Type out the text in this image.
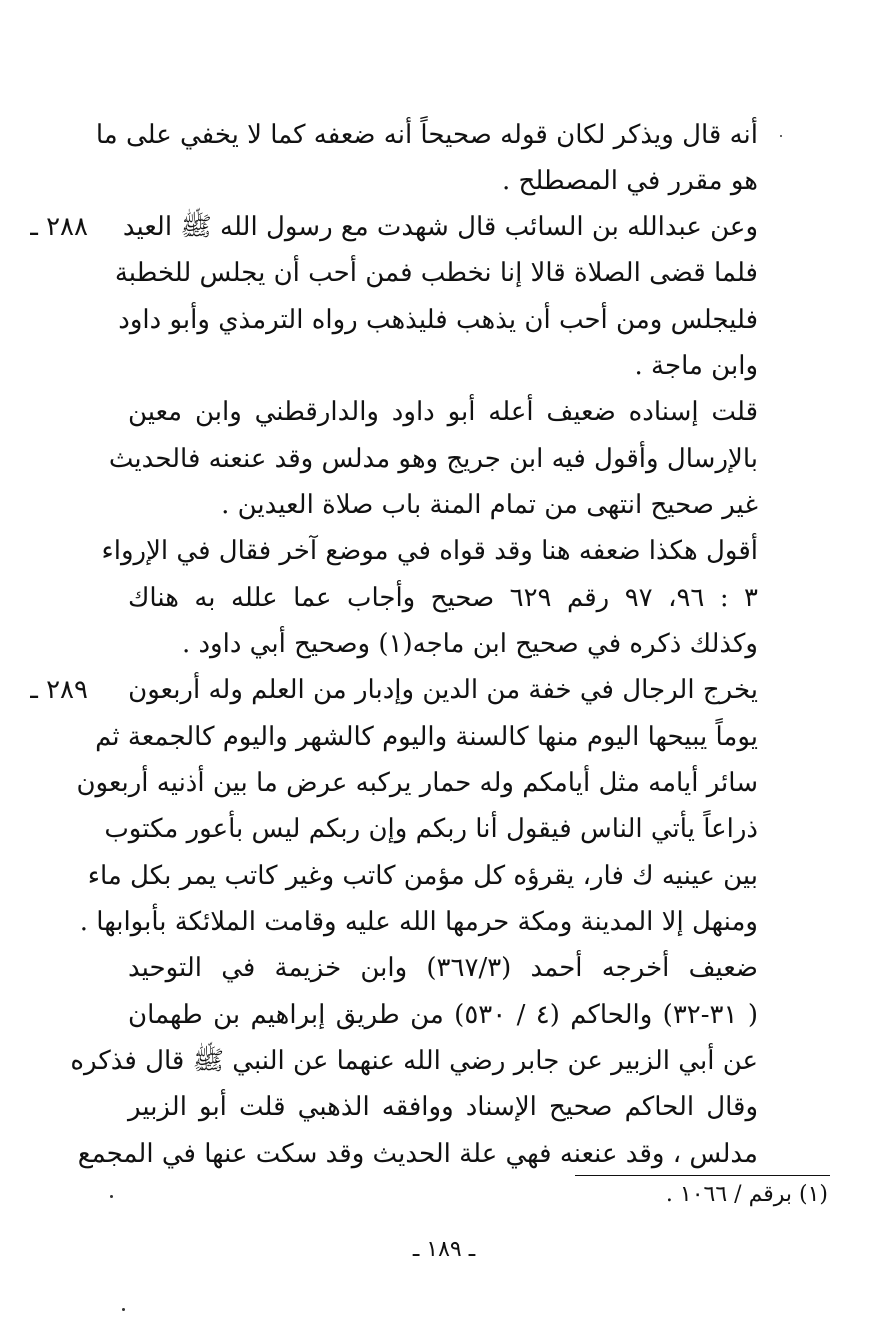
أنه قال ويذكر لكان قوله صحيحاً أنه ضعفه كما لا يخفي على ما
هو مقرر في المصطلح .
٢٨٨ ـ وعن عبدالله بن السائب قال شهدت مع رسول الله ﷺ العيد
فلما قضى الصلاة قالا إنا نخطب فمن أحب أن يجلس للخطبة
فليجلس ومن أحب أن يذهب فليذهب رواه الترمذي وأبو داود
وابن ماجة .
قلت إسناده ضعيف أعله أبو داود والدارقطني وابن معين
بالإرسال وأقول فيه ابن جريج وهو مدلس وقد عنعنه فالحديث
غير صحيح انتهى من تمام المنة باب صلاة العيدين .
أقول هكذا ضعفه هنا وقد قواه في موضع آخر فقال في الإرواء
٣ : ٩٦، ٩٧ رقم ٦٢٩ صحيح وأجاب عما علله به هناك
وكذلك ذكره في صحيح ابن ماجه(١) وصحيح أبي داود .
٢٨٩ ـ يخرج الرجال في خفة من الدين وإدبار من العلم وله أربعون
يوماً يبيحها اليوم منها كالسنة واليوم كالشهر واليوم كالجمعة ثم
سائر أيامه مثل أيامكم وله حمار يركبه عرض ما بين أذنيه أربعون
ذراعاً يأتي الناس فيقول أنا ربكم وإن ربكم ليس بأعور مكتوب
بين عينيه ك فار، يقرؤه كل مؤمن كاتب وغير كاتب يمر بكل ماء
ومنهل إلا المدينة ومكة حرمها الله عليه وقامت الملائكة بأبوابها .
ضعيف أخرجه أحمد (٣٦٧/٣) وابن خزيمة في التوحيد
( ٣١-٣٢) والحاكم (٤ / ٥٣٠) من طريق إبراهيم بن طهمان
عن أبي الزبير عن جابر رضي الله عنهما عن النبي ﷺ قال فذكره
وقال الحاكم صحيح الإسناد ووافقه الذهبي قلت أبو الزبير
مدلس ، وقد عنعنه فهي علة الحديث وقد سكت عنها في المجمع
(١) برقم / ١٠٦٦ .
ـ ١٨٩ ـ
